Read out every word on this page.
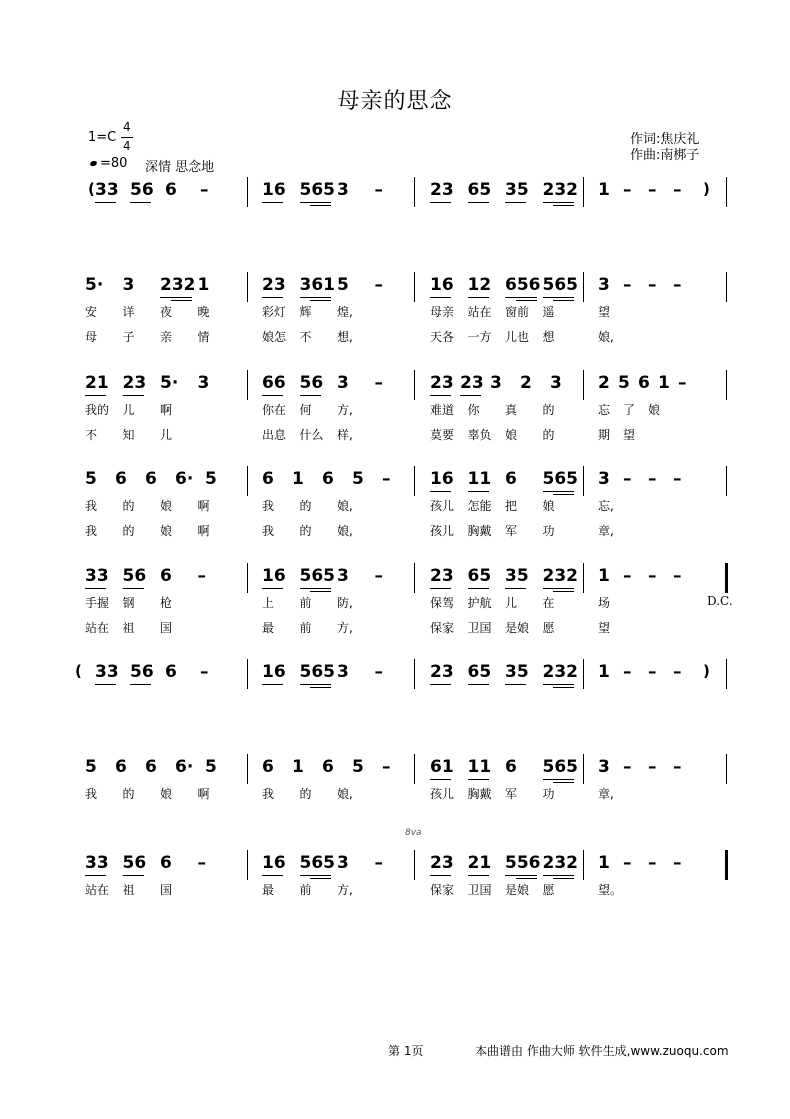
母亲的思念
1=C
4
4
=80 深情 思念地
作词:焦庆礼
作曲:南梆子
(	)
33 56 6 –	16 565 3 –	23 65 35 232 1 – – –
5· 3 232 1	23 361 5 –	16 12 656 565 3 – – –
安 详 夜 晚	彩灯 辉 煌,	母亲 站在 窗前 遥	望
母 子 亲 情	娘怎 不 想,	天各 一方 儿也 想	娘,
21 23 5· 3	66 56 3 –	23 23 3 2 3 2 5 6 1 –
我的 儿 啊	你在 何 方,	难道 你 真 的	忘 了 娘
不 知 儿	出息 什么 样,	莫要 辜负 娘 的	期 望
5 6 6 6· 5	6 1 6 5 – 16 11 6 565 3 – – –
我 的 娘 啊	我 的 娘,	孩儿 怎能 把 娘	忘,
我 的 娘 啊	我 的 娘,	孩儿 胸戴 军 功	章,
D.C.
33 56 6 –	16 565 3 –	23 65 35 232 1 – – –
手握 钢 枪	上 前 防,	保驾 护航 儿 在	场
站在 祖 国	最 前 方,	保家 卫国 是娘 愿	望
(	)
33 56 6 –	16 565 3 –	23 65 35 232 1 – – –
5 6 6 6· 5	6 1 6 5 – 61 11 6 565 3 – – –
我 的 娘 啊	我 的 娘,	孩儿 胸戴 军 功	章,
33 56 6 –	16 565 3 –	23 21 556 232 1 – – –
站在 祖 国	最 前 方,	保家 卫国 是娘 愿	望。
8va
第 1页	本曲谱由 作曲大师 软件生成,www.zuoqu.com
